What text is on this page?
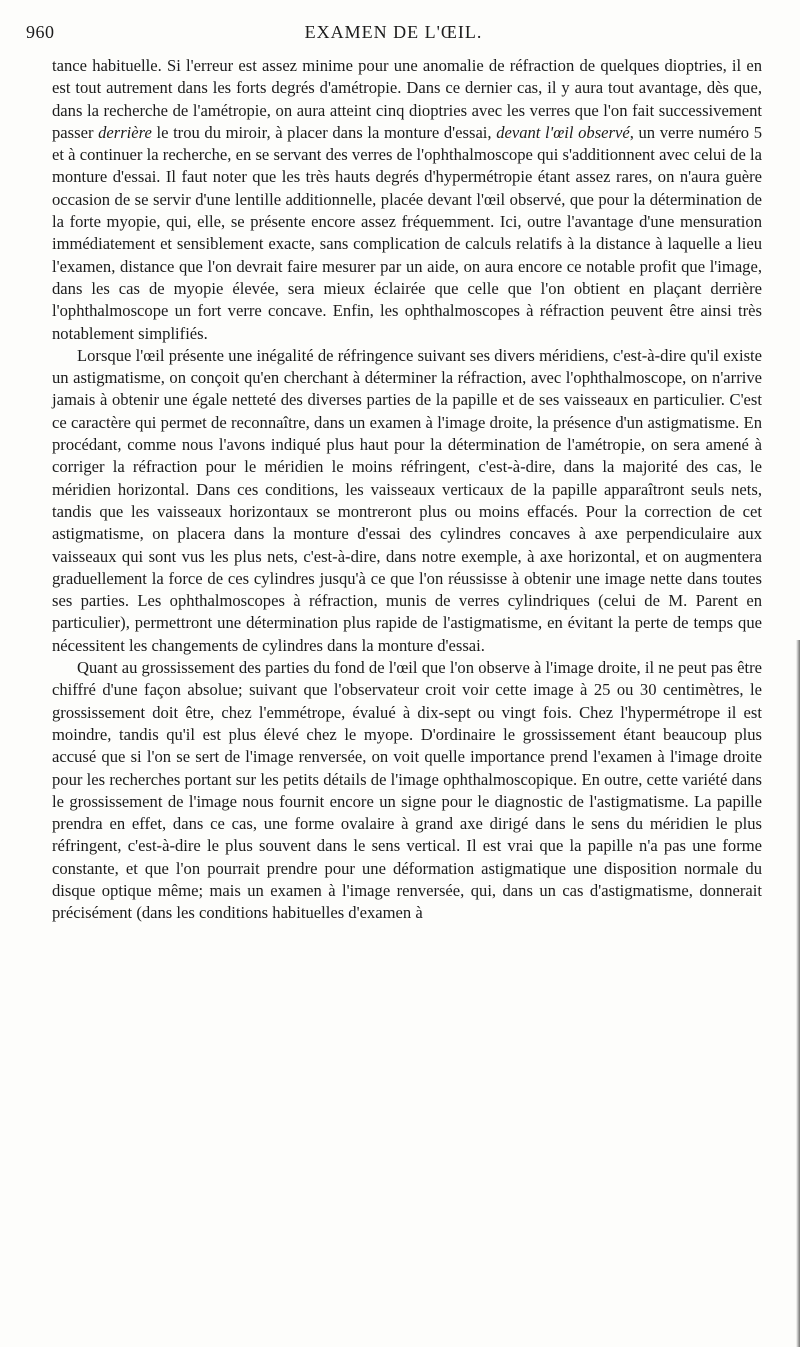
960	EXAMEN DE L'ŒIL.

tance habituelle. Si l'erreur est assez minime pour une anomalie de réfraction de quelques dioptries, il en est tout autrement dans les forts degrés d'amétropie. Dans ce dernier cas, il y aura tout avantage, dès que, dans la recherche de l'amétropie, on aura atteint cinq dioptries avec les verres que l'on fait successivement passer derrière le trou du miroir, à placer dans la monture d'essai, devant l'œil observé, un verre numéro 5 et à continuer la recherche, en se servant des verres de l'ophthalmoscope qui s'additionnent avec celui de la monture d'essai. Il faut noter que les très hauts degrés d'hypermétropie étant assez rares, on n'aura guère occasion de se servir d'une lentille additionnelle, placée devant l'œil observé, que pour la détermination de la forte myopie, qui, elle, se présente encore assez fréquemment. Ici, outre l'avantage d'une mensuration immédiatement et sensiblement exacte, sans complication de calculs relatifs à la distance à laquelle a lieu l'examen, distance que l'on devrait faire mesurer par un aide, on aura encore ce notable profit que l'image, dans les cas de myopie élevée, sera mieux éclairée que celle que l'on obtient en plaçant derrière l'ophthalmoscope un fort verre concave. Enfin, les ophthalmoscopes à réfraction peuvent être ainsi très notablement simplifiés.

Lorsque l'œil présente une inégalité de réfringence suivant ses divers méridiens, c'est-à-dire qu'il existe un astigmatisme, on conçoit qu'en cherchant à déterminer la réfraction, avec l'ophthalmoscope, on n'arrive jamais à obtenir une égale netteté des diverses parties de la papille et de ses vaisseaux en particulier. C'est ce caractère qui permet de reconnaître, dans un examen à l'image droite, la présence d'un astigmatisme. En procédant, comme nous l'avons indiqué plus haut pour la détermination de l'amétropie, on sera amené à corriger la réfraction pour le méridien le moins réfringent, c'est-à-dire, dans la majorité des cas, le méridien horizontal. Dans ces conditions, les vaisseaux verticaux de la papille apparaîtront seuls nets, tandis que les vaisseaux horizontaux se montreront plus ou moins effacés. Pour la correction de cet astigmatisme, on placera dans la monture d'essai des cylindres concaves à axe perpendiculaire aux vaisseaux qui sont vus les plus nets, c'est-à-dire, dans notre exemple, à axe horizontal, et on augmentera graduellement la force de ces cylindres jusqu'à ce que l'on réussisse à obtenir une image nette dans toutes ses parties. Les ophthalmoscopes à réfraction, munis de verres cylindriques (celui de M. Parent en particulier), permettront une détermination plus rapide de l'astigmatisme, en évitant la perte de temps que nécessitent les changements de cylindres dans la monture d'essai.

Quant au grossissement des parties du fond de l'œil que l'on observe à l'image droite, il ne peut pas être chiffré d'une façon absolue; suivant que l'observateur croit voir cette image à 25 ou 30 centimètres, le grossissement doit être, chez l'emmétrope, évalué à dix-sept ou vingt fois. Chez l'hypermétrope il est moindre, tandis qu'il est plus élevé chez le myope. D'ordinaire le grossissement étant beaucoup plus accusé que si l'on se sert de l'image renversée, on voit quelle importance prend l'examen à l'image droite pour les recherches portant sur les petits détails de l'image ophthalmoscopique. En outre, cette variété dans le grossissement de l'image nous fournit encore un signe pour le diagnostic de l'astigmatisme. La papille prendra en effet, dans ce cas, une forme ovalaire à grand axe dirigé dans le sens du méridien le plus réfringent, c'est-à-dire le plus souvent dans le sens vertical. Il est vrai que la papille n'a pas une forme constante, et que l'on pourrait prendre pour une déformation astigmatique une disposition normale du disque optique même; mais un examen à l'image renversée, qui, dans un cas d'astigmatisme, donnerait précisément (dans les conditions habituelles d'examen à
